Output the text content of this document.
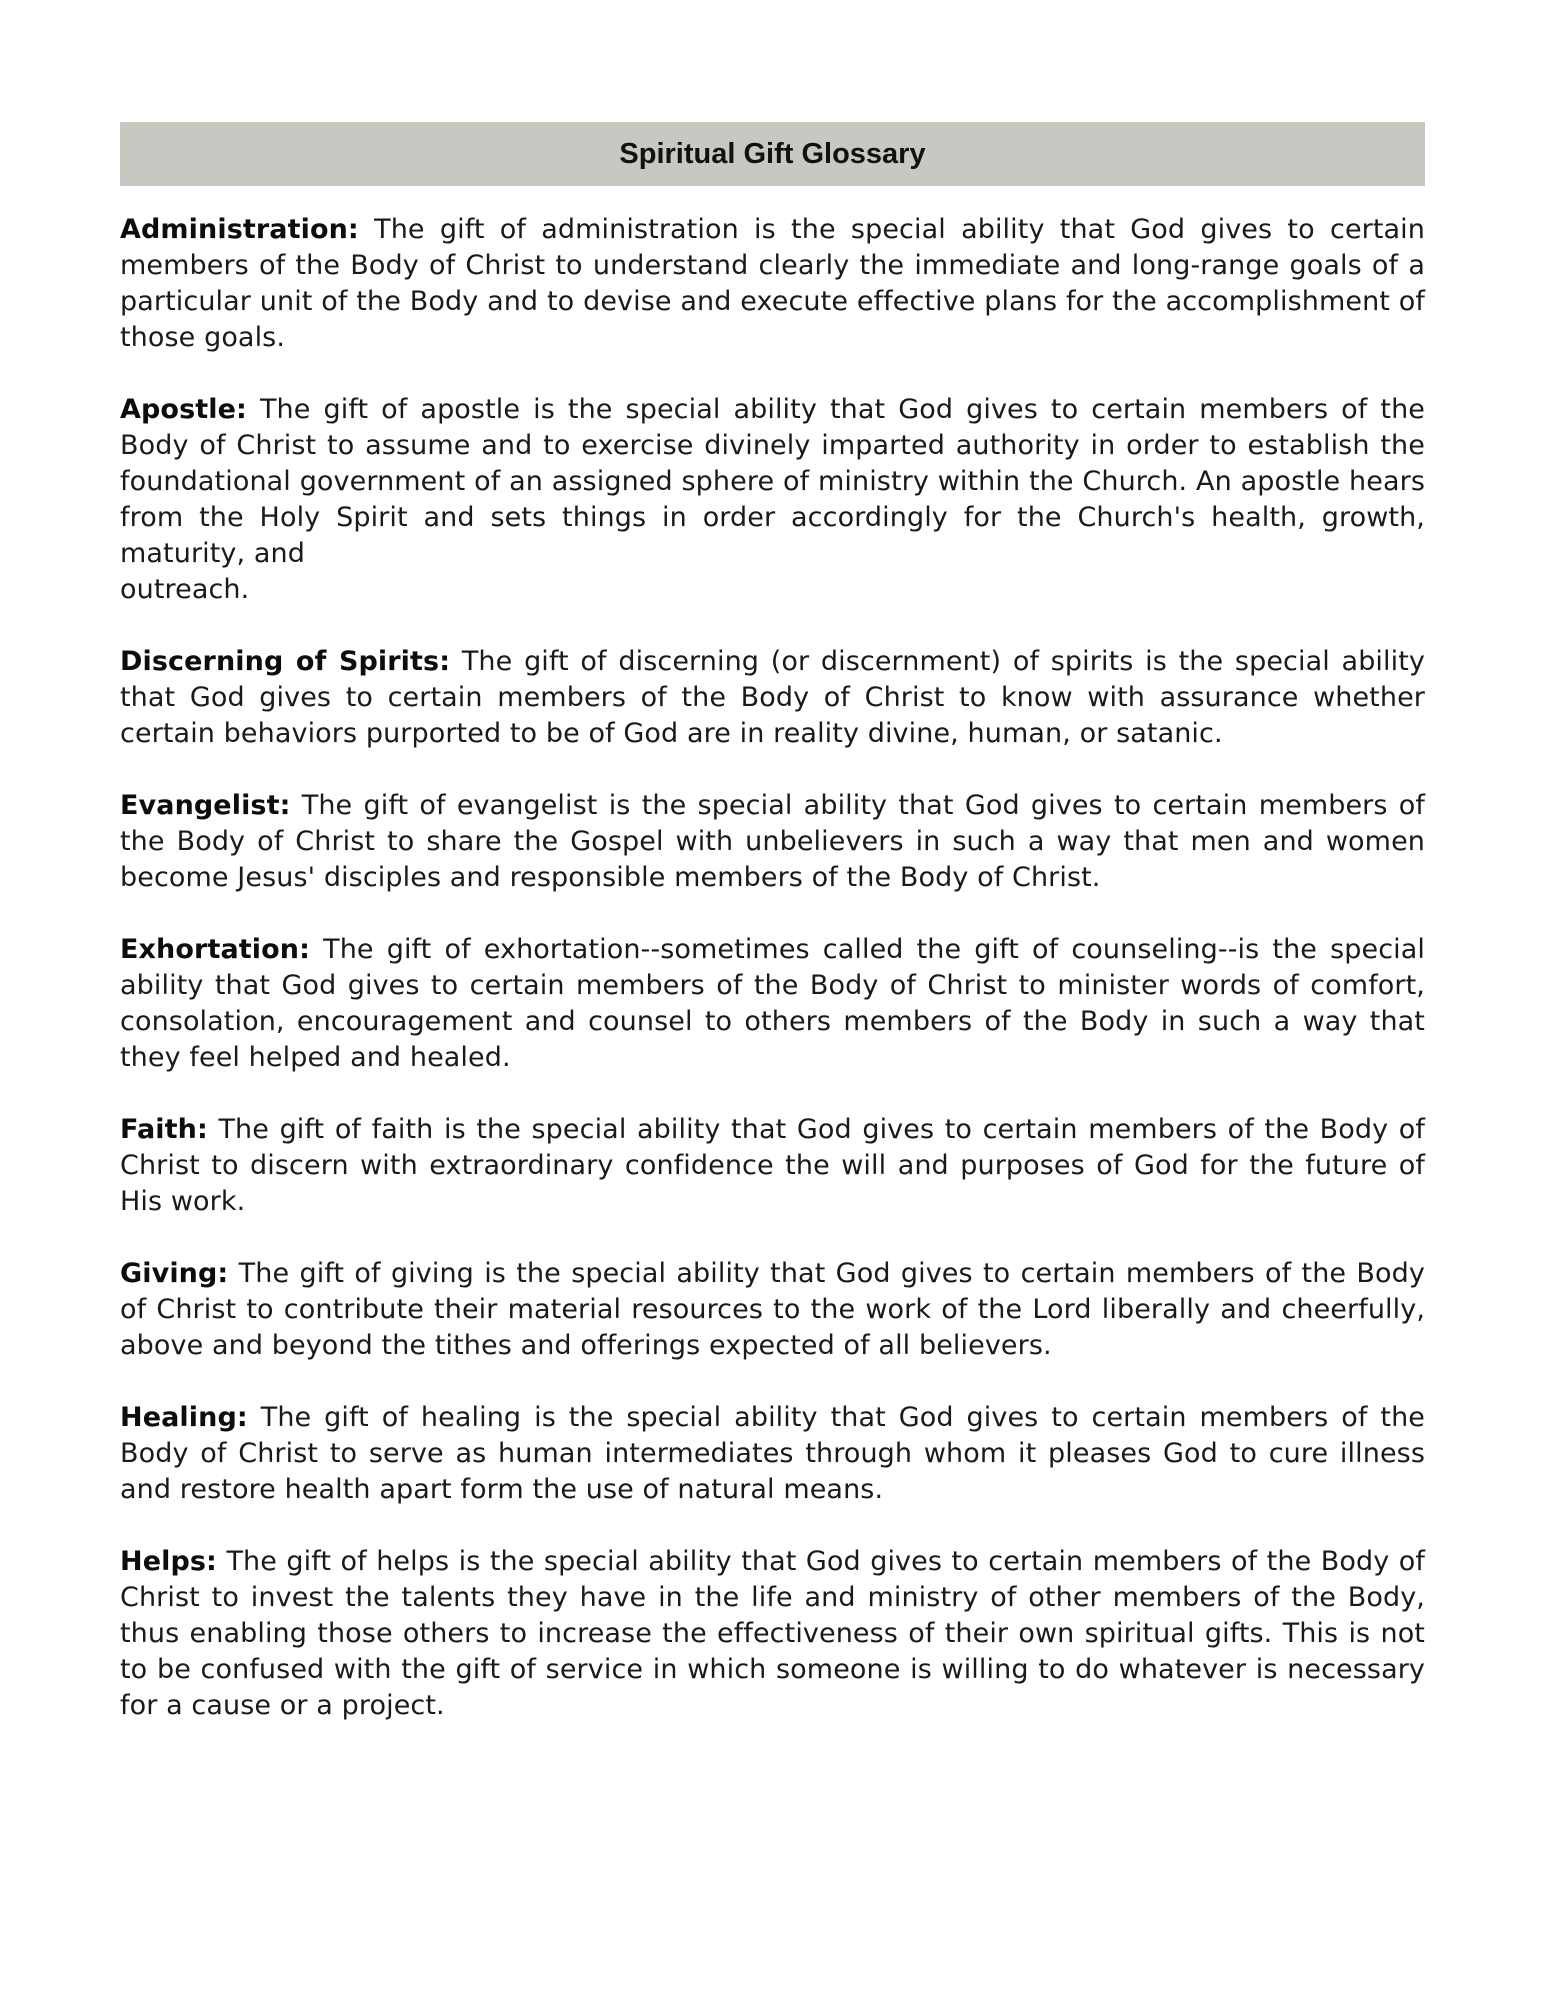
Spiritual Gift Glossary

Administration: The gift of administration is the special ability that God gives to certain members of the Body of Christ to understand clearly the immediate and long-range goals of a particular unit of the Body and to devise and execute effective plans for the accomplishment of those goals.

Apostle: The gift of apostle is the special ability that God gives to certain members of the Body of Christ to assume and to exercise divinely imparted authority in order to establish the foundational government of an assigned sphere of ministry within the Church. An apostle hears from the Holy Spirit and sets things in order accordingly for the Church's health, growth, maturity, and
outreach.

Discerning of Spirits: The gift of discerning (or discernment) of spirits is the special ability that God gives to certain members of the Body of Christ to know with assurance whether certain behaviors purported to be of God are in reality divine, human, or satanic.

Evangelist: The gift of evangelist is the special ability that God gives to certain members of the Body of Christ to share the Gospel with unbelievers in such a way that men and women become Jesus' disciples and responsible members of the Body of Christ.

Exhortation: The gift of exhortation--sometimes called the gift of counseling--is the special ability that God gives to certain members of the Body of Christ to minister words of comfort, consolation, encouragement and counsel to others members of the Body in such a way that they feel helped and healed.

Faith: The gift of faith is the special ability that God gives to certain members of the Body of Christ to discern with extraordinary confidence the will and purposes of God for the future of His work.

Giving: The gift of giving is the special ability that God gives to certain members of the Body of Christ to contribute their material resources to the work of the Lord liberally and cheerfully, above and beyond the tithes and offerings expected of all believers.

Healing: The gift of healing is the special ability that God gives to certain members of the Body of Christ to serve as human intermediates through whom it pleases God to cure illness and restore health apart form the use of natural means.

Helps: The gift of helps is the special ability that God gives to certain members of the Body of Christ to invest the talents they have in the life and ministry of other members of the Body, thus enabling those others to increase the effectiveness of their own spiritual gifts. This is not to be confused with the gift of service in which someone is willing to do whatever is necessary for a cause or a project.
